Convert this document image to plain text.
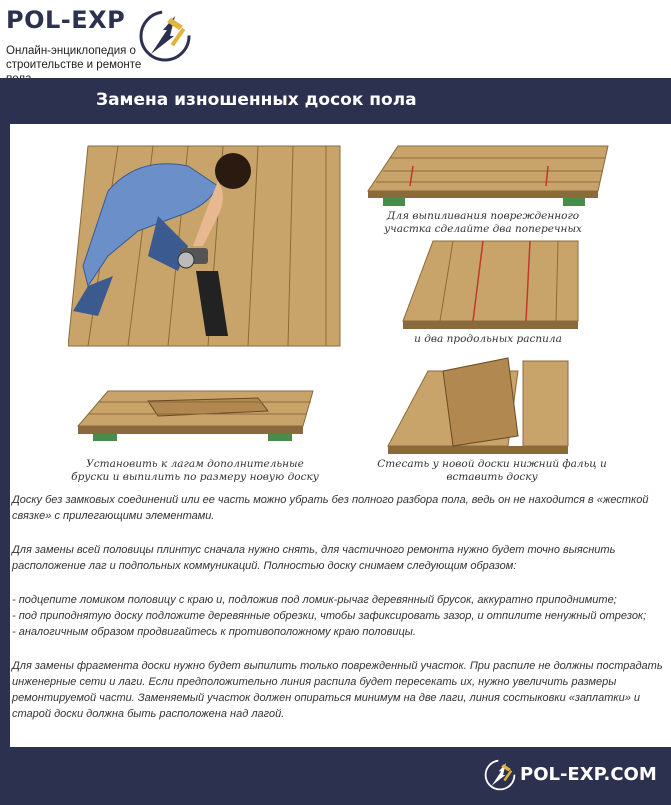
POL-EXP
Онлайн-энциклопедия о строительстве и ремонте
Замена изношенных досок пола
Для выпиливания поврежденного участка сделайте два поперечных
и два продольных распила
Установить к лагам дополнительные бруски и выпилить по размеру новую доску
Стесать у новой доски нижний фальц и вставить доску

Доску без замковых соединений или ее часть можно убрать без полного разбора пола, ведь он не находится в «жесткой связке» с прилегающими элементами.

Для замены всей половицы плинтус сначала нужно снять, для частичного ремонта нужно будет точно выяснить расположение лаг и подпольных коммуникаций. Полностью доску снимаем следующим образом:

- подцепите ломиком половицу с краю и, подложив под ломик-рычаг деревянный брусок, аккуратно приподнимите;
- под приподнятую доску подложите деревянные обрезки, чтобы зафиксировать зазор, и отпилите ненужный отрезок;
- аналогичным образом продвигайтесь к противоположному краю половицы.

Для замены фрагмента доски нужно будет выпилить только поврежденный участок. При распиле не должны пострадать инженерные сети и лаги. Если предположительно линия распила будет пересекать их, нужно увеличить размеры ремонтируемой части. Заменяемый участок должен опираться минимум на две лаги, линия состыковки «заплатки» и старой доски должна быть расположена над лагой.

POL-EXP.COM
